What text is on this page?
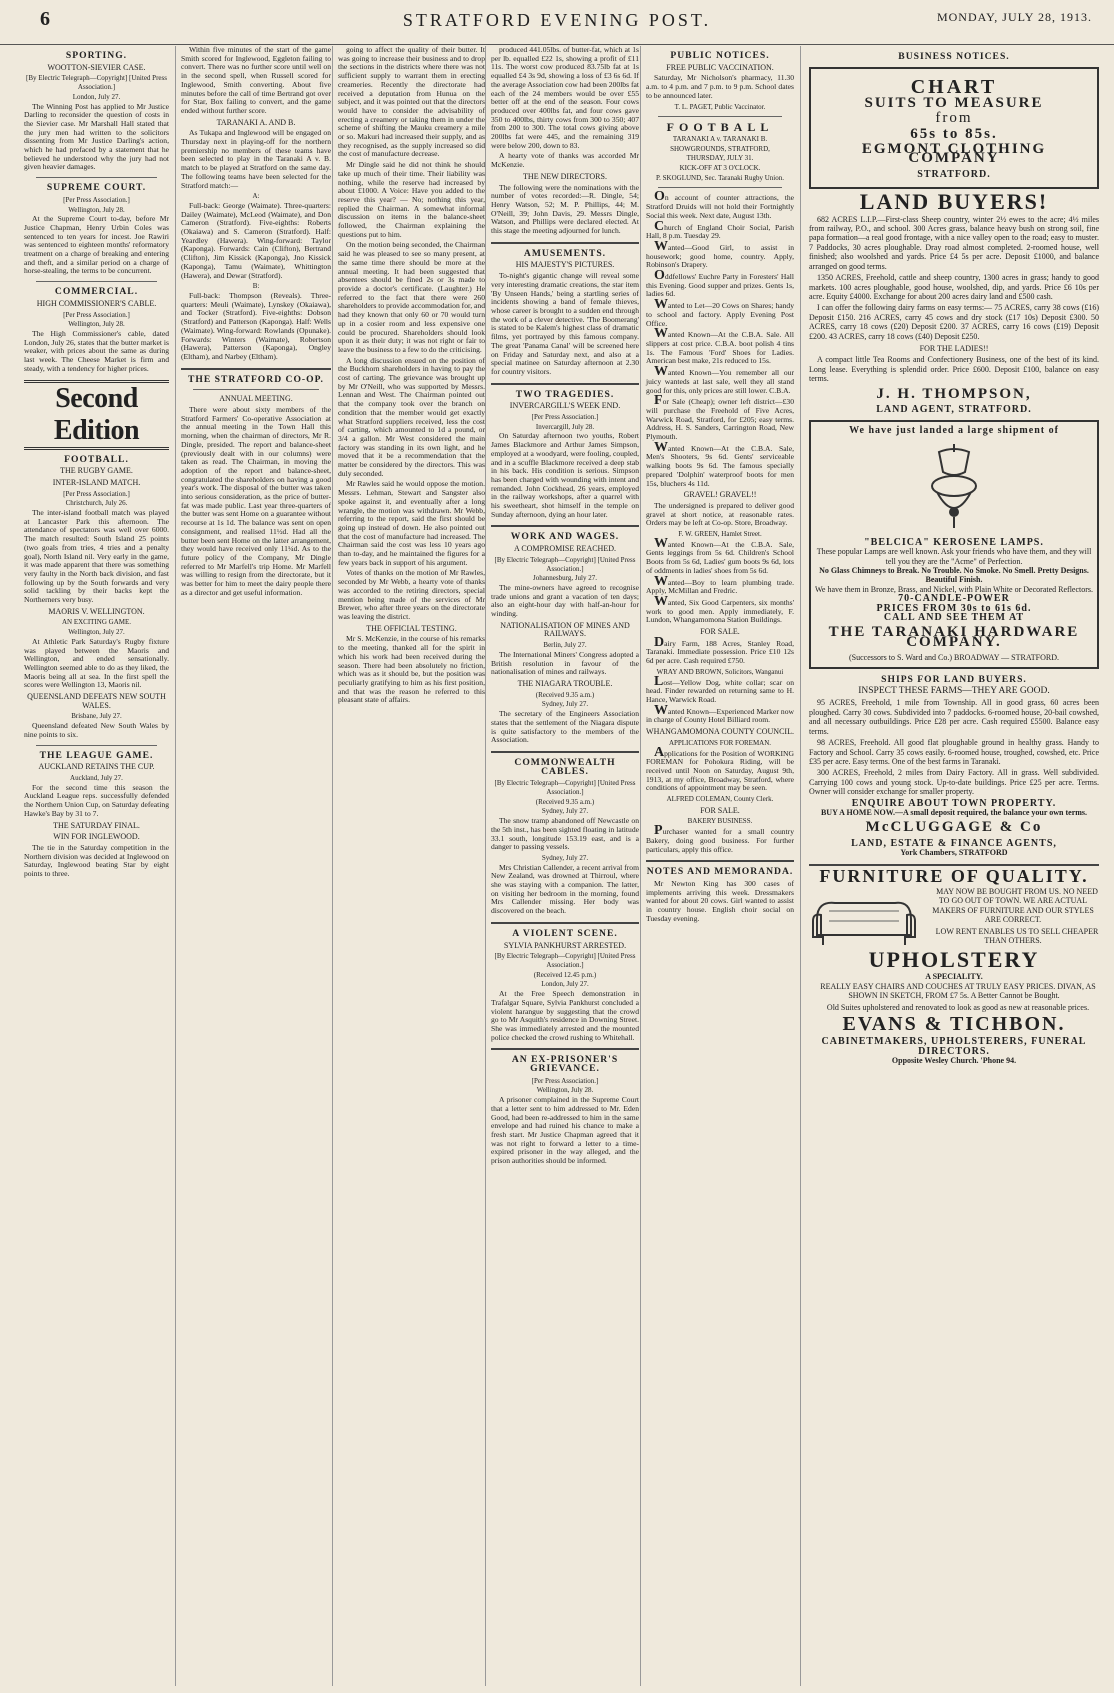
6	STRATFORD EVENING POST.	MONDAY, JULY 28, 1913.
SPORTING.
WOOTTON-SIEVIER CASE.
[By Electric Telegraph—Copyright] [United Press Association.]
London, July 27.

The Winning Post has applied to Mr Justice Darling to reconsider the question of costs in the Sievier case. Mr Marshall Hall stated that the jury men had written to the solicitors dissenting from Mr Justice Darling's action, which he had prefaced by a statement that he believed he understood why the jury had not given heavier damages.

SUPREME COURT.
[Per Press Association.]
Wellington, July 28.

At the Supreme Court to-day, before Mr Justice Chapman, Henry Urbin Coles was sentenced to ten years for incest. Joe Rawiri was sentenced to eighteen months' reformatory treatment on a charge of breaking and entering and theft, and a similar period on a charge of horse-stealing, the terms to be concurrent.

COMMERCIAL.
HIGH COMMISSIONER'S CABLE.
[Per Press Association.]
Wellington, July 28.

The High Commissioner's cable, dated London, July 26, states that the butter market is weaker, with prices about the same as during last week. The Cheese Market is firm and steady, with a tendency for higher prices.

Second Edition
FOOTBALL.
THE RUGBY GAME.
INTER-ISLAND MATCH.
[Per Press Association.]
Christchurch, July 26.

The inter-island football match was played at Lancaster Park this afternoon. The attendance of spectators was well over 6000. The match resulted: South Island 25 points (two goals from tries, 4 tries and a penalty goal), North Island nil. Very early in the game, it was made apparent that there was something very faulty in the North back division, and fast following up by the South forwards and very solid tackling by their backs kept the Northerners very busy.

MAORIS V. WELLINGTON.
AN EXCITING GAME.
Wellington, July 27.

At Athletic Park Saturday's Rugby fixture was played between the Maoris and Wellington, and ended sensationally. Wellington seemed able to do as they liked, the Maoris being all at sea. In the first spell the scores were Wellington 13, Maoris nil.

QUEENSLAND DEFEATS NEW SOUTH WALES.
Brisbane, July 27.

Queensland defeated New South Wales by nine points to six.

THE LEAGUE GAME.
AUCKLAND RETAINS THE CUP.
Auckland, July 27.

For the second time this season the Auckland League reps. successfully defended the Northern Union Cup, on Saturday defeating Hawke's Bay by 31 to 7.

THE SATURDAY FINAL.
WIN FOR INGLEWOOD.

The tie in the Saturday competition in the Northern division was decided at Inglewood on Saturday, Inglewood beating Star by eight points to three.

Within five minutes of the start of the game Smith scored for Inglewood, Eggleton failing to convert. There was no further score until well on in the second spell, when Russell scored for Inglewood, Smith converting. About five minutes before the call of time Bertrand got over for Star, Box failing to convert, and the game ended without further score.

TARANAKI A. AND B.

As Tukapa and Inglewood will be engaged on Thursday next in playing-off for the northern premiership no members of these teams have been selected to play in the Taranaki A v. B. match to be played at Stratford on the same day. The following teams have been selected for the Stratford match:—

A:

Full-back: George (Waimate). Three-quarters: Dailey (Waimate), McLeod (Waimate), and Don Cameron (Stratford). Five-eighths: Roberts (Okaiawa) and S. Cameron (Stratford). Half: Yeardley (Hawera). Wing-forward: Taylor (Kaponga). Forwards: Cain (Clifton), Bertrand (Clifton), Jim Kissick (Kaponga), Jno Kissick (Kaponga), Tamu (Waimate), Whittington (Hawera), and Dewar (Stratford).

B:

Full-back: Thompson (Reveals). Three-quarters: Meuli (Waimate), Lynskey (Okaiawa), and Tocker (Stratford). Five-eighths: Dobson (Stratford) and Patterson (Kaponga). Half: Wells (Waimate). Wing-forward: Rowlands (Opunake). Forwards: Winters (Waimate), Robertson (Hawera), Patterson (Kaponga), Ongley (Eltham), and Narbey (Eltham).

THE STRATFORD CO-OP.
ANNUAL MEETING.

There were about sixty members of the Stratford Farmers' Co-operative Association at the annual meeting in the Town Hall this morning, when the chairman of directors, Mr R. Dingle, presided. The report and balance-sheet (previously dealt with in our columns) were taken as read. The Chairman, in moving the adoption of the report and balance-sheet, congratulated the shareholders on having a good year's work. The disposal of the butter was taken into serious consideration, as the price of butter-fat was made public. Last year three-quarters of the butter was sent Home on a guarantee without recourse at 1s 1d. The balance was sent on open consignment, and realised 11½d. Had all the butter been sent Home on the latter arrangement, they would have received only 11¼d. As to the future policy of the Company, Mr Dingle referred to Mr Marfell's trip Home. Mr Marfell was willing to resign from the directorate, but it was better for him to meet the dairy people there as a director and get useful information.

going to affect the quality of their butter. It was going to increase their business and to drop the sections in the districts where there was not sufficient supply to warrant them in erecting creameries. Recently the directorate had received a deputation from Hunua on the subject, and it was pointed out that the directors would have to consider the advisability of erecting a creamery or taking them in under the scheme of shifting the Mauku creamery a mile or so. Makuri had increased their supply, and as they recognised, as the supply increased so did the cost of manufacture decrease.

Mr Dingle said he did not think he should take up much of their time. Their liability was nothing, while the reserve had increased by about £1000. A Voice: Have you added to the reserve this year? — No; nothing this year, replied the Chairman. A somewhat informal discussion on items in the balance-sheet followed, the Chairman explaining the questions put to him.

On the motion being seconded, the Chairman said he was pleased to see so many present, at the same time there should be more at the annual meeting. It had been suggested that absentees should be fined 2s or 3s made to provide a doctor's certificate. (Laughter.) He referred to the fact that there were 260 shareholders to provide accommodation for, and had they known that only 60 or 70 would turn up in a cosier room and less expensive one could be procured. Shareholders should look upon it as their duty; it was not right or fair to leave the business to a few to do the criticising.

A long discussion ensued on the position of the Buckhorn shareholders in having to pay the cost of carting. The grievance was brought up by Mr O'Neill, who was supported by Messrs. Lennan and West. The Chairman pointed out that the company took over the branch on condition that the member would get exactly what Stratford suppliers received, less the cost of carting, which amounted to 1d a pound, or 3/4 a gallon. Mr West considered the main factory was standing in its own light, and he moved that it be a recommendation that the matter be considered by the directors. This was duly seconded.

Mr Rawles said he would oppose the motion. Messrs. Lehman, Stewart and Sangster also spoke against it, and eventually after a long wrangle, the motion was withdrawn. Mr Webb, referring to the report, said the first should be going up instead of down. He also pointed out that the cost of manufacture had increased. The Chairman said the cost was less 10 years ago than to-day, and he maintained the figures for a few years back in support of his argument.

Votes of thanks on the motion of Mr Rawles, seconded by Mr Webb, a hearty vote of thanks was accorded to the retiring directors, special mention being made of the services of Mr Brewer, who after three years on the directorate was leaving the district.

THE OFFICIAL TESTING.

Mr S. McKenzie, in the course of his remarks to the meeting, thanked all for the spirit in which his work had been received during the season. There had been absolutely no friction, which was as it should be, but the position was peculiarly gratifying to him as his first position, and that was the reason he referred to this pleasant state of affairs.

produced 441.05lbs. of butter-fat, which at 1s per lb. equalled £22 1s, showing a profit of £11 11s. The worst cow produced 83.75lb fat at 1s equalled £4 3s 9d, showing a loss of £3 6s 6d. If the average Association cow had been 200lbs fat each of the 24 members would be over £55 better off at the end of the season. Four cows produced over 400lbs fat, and four cows gave 350 to 400lbs, thirty cows from 300 to 350; 407 from 200 to 300. The total cows giving above 200lbs fat were 445, and the remaining 319 were below 200, down to 83.

A hearty vote of thanks was accorded Mr McKenzie.

THE NEW DIRECTORS.

The following were the nominations with the number of votes recorded:—R. Dingle, 54; Henry Watson, 52; M. P. Phillips, 44; M. O'Neill, 39; John Davis, 29. Messrs Dingle, Watson, and Phillips were declared elected. At this stage the meeting adjourned for lunch.

AMUSEMENTS.
HIS MAJESTY'S PICTURES.

To-night's gigantic change will reveal some very interesting dramatic creations, the star item 'By Unseen Hands,' being a startling series of incidents showing a band of female thieves, whose career is brought to a sudden end through the work of a clever detective. 'The Boomerang' is stated to be Kalem's highest class of dramatic films, yet portrayed by this famous company. The great 'Panama Canal' will be screened here on Friday and Saturday next, and also at a special matinee on Saturday afternoon at 2.30 for country visitors.

TWO TRAGEDIES.
INVERCARGILL'S WEEK END.
[Per Press Association.]
Invercargill, July 28.

On Saturday afternoon two youths, Robert James Blackmore and Arthur James Simpson, employed at a woodyard, were fooling, coupled, and in a scuffle Blackmore received a deep stab in his back. His condition is serious. Simpson has been charged with wounding with intent and remanded. John Cockhead, 26 years, employed in the railway workshops, after a quarrel with his sweetheart, shot himself in the temple on Sunday afternoon, dying an hour later.

WORK AND WAGES.
A COMPROMISE REACHED.
[By Electric Telegraph—Copyright] [United Press Association.]
Johannesburg, July 27.

The mine-owners have agreed to recognise trade unions and grant a vacation of ten days; also an eight-hour day with half-an-hour for winding.

NATIONALISATION OF MINES AND RAILWAYS.
Berlin, July 27.

The International Miners' Congress adopted a British resolution in favour of the nationalisation of mines and railways.

THE NIAGARA TROUBLE.
(Received 9.35 a.m.)
Sydney, July 27.

The secretary of the Engineers Association states that the settlement of the Niagara dispute is quite satisfactory to the members of the Association.

COMMONWEALTH CABLES.
[By Electric Telegraph—Copyright] [United Press Association.]
(Received 9.35 a.m.)
Sydney, July 27.

The snow tramp abandoned off Newcastle on the 5th inst., has been sighted floating in latitude 33.1 south, longitude 153.19 east, and is a danger to passing vessels.

Sydney, July 27.

Mrs Christian Callender, a recent arrival from New Zealand, was drowned at Thirroul, where she was staying with a companion. The latter, on visiting her bedroom in the morning, found Mrs Callender missing. Her body was discovered on the beach.

A VIOLENT SCENE.
SYLVIA PANKHURST ARRESTED.
[By Electric Telegraph—Copyright] [United Press Association.]
(Received 12.45 p.m.)
London, July 27.

At the Free Speech demonstration in Trafalgar Square, Sylvia Pankhurst concluded a violent harangue by suggesting that the crowd go to Mr Asquith's residence in Downing Street. She was immediately arrested and the mounted police checked the crowd rushing to Whitehall.

AN EX-PRISONER'S GRIEVANCE.
[Per Press Association.]
Wellington, July 28.

A prisoner complained in the Supreme Court that a letter sent to him addressed to Mr. Eden Good, had been re-addressed to him in the same envelope and had ruined his chance to make a fresh start. Mr Justice Chapman agreed that it was not right to forward a letter to a time-expired prisoner in the way alleged, and the prison authorities should be informed.

PUBLIC NOTICES.
FREE PUBLIC VACCINATION.

Saturday, Mr Nicholson's pharmacy, 11.30 a.m. to 4 p.m. and 7 p.m. to 9 p.m. School dates to be announced later.

T. L. PAGET, Public Vaccinator.
FOOTBALL
TARANAKI A v. TARANAKI B.
SHOWGROUNDS, STRATFORD,
THURSDAY, JULY 31.
KICK-OFF AT 3 O'CLOCK.
P. SKOGLUND, Sec. Taranaki Rugby Union.

On account of counter attractions, the Stratford Druids will not hold their Fortnightly Social this week. Next date, August 13th.

Church of England Choir Social, Parish Hall, 8 p.m. Tuesday 29.

Wanted—Good Girl, to assist in housework; good home, country. Apply, Robinson's Drapery.

Oddfellows' Euchre Party in Foresters' Hall this Evening. Good supper and prizes. Gents 1s, ladies 6d.

Wanted to Let—20 Cows on Shares; handy to school and factory. Apply Evening Post Office.

Wanted Known—At the C.B.A. Sale. All slippers at cost price. C.B.A. boot polish 4 tins 1s. The Famous 'Ford' Shoes for Ladies. American best make, 21s reduced to 15s.

Wanted Known—You remember all our juicy wanteds at last sale, well they all stand good for this, only prices are still lower. C.B.A.

For Sale (Cheap); owner left district—£30 will purchase the Freehold of Five Acres, Warwick Road, Stratford, for £205; easy terms. Address, H. S. Sanders, Carrington Road, New Plymouth.

Wanted Known—At the C.B.A. Sale, Men's Shooters, 9s 6d. Gents' serviceable walking boots 9s 6d. The famous specially prepared 'Dolphin' waterproof boots for men 15s, bluchers 4s 11d.

GRAVEL! GRAVEL!!

The undersigned is prepared to deliver good gravel at short notice, at reasonable rates. Orders may be left at Co-op. Store, Broadway.

F. W. GREEN, Hamlet Street.

Wanted Known—At the C.B.A. Sale, Gents leggings from 5s 6d. Children's School Boots from 5s 6d, Ladies' gum boots 9s 6d, lots of oddments in ladies' shoes from 5s 6d.

Wanted—Boy to learn plumbing trade. Apply, McMillan and Fredric.

Wanted, Six Good Carpenters, six months' work to good men. Apply immediately, F. Lundon, Whangamomona Station Buildings.

FOR SALE.

Dairy Farm, 188 Acres, Stanley Road, Taranaki. Immediate possession. Price £10 12s 6d per acre. Cash required £750.

WRAY AND BROWN, Solicitors, Wanganui

Lost—Yellow Dog, white collar; scar on head. Finder rewarded on returning same to H. Hance, Warwick Road.

Wanted Known—Experienced Marker now in charge of County Hotel Billiard room.

WHANGAMOMONA COUNTY COUNCIL.
APPLICATIONS FOR FOREMAN.

Applications for the Position of WORKING FOREMAN for Pohokura Riding, will be received until Noon on Saturday, August 9th, 1913, at my office, Broadway, Stratford, where conditions of appointment may be seen.

ALFRED COLEMAN, County Clerk.
FOR SALE.
BAKERY BUSINESS.

Purchaser wanted for a small country Bakery, doing good business. For further particulars, apply this office.

NOTES AND MEMORANDA.

Mr Newton King has 300 cases of implements arriving this week. Dressmakers wanted for about 20 cows. Girl wanted to assist in country house. English choir social on Tuesday evening.

BUSINESS NOTICES.
CHART
SUITS TO MEASURE
from
65s to 85s.
EGMONT CLOTHING COMPANY
STRATFORD.
LAND BUYERS!

682 ACRES L.I.P.—First-class Sheep country, winter 2½ ewes to the acre; 4½ miles from railway, P.O., and school. 300 Acres grass, balance heavy bush on strong soil, fine papa formation—a real good frontage, with a nice valley open to the road; easy to muster. 7 Paddocks, 30 acres ploughable. Dray road almost completed. 2-roomed house, well finished; also woolshed and yards. Price £4 5s per acre. Deposit £1000, and balance arranged on good terms.

1350 ACRES, Freehold, cattle and sheep country, 1300 acres in grass; handy to good markets. 100 acres ploughable, good house, woolshed, dip, and yards. Price £6 10s per acre. Equity £4000. Exchange for about 200 acres dairy land and £500 cash.

I can offer the following dairy farms on easy terms:— 75 ACRES, carry 38 cows (£16) Deposit £150. 216 ACRES, carry 45 cows and dry stock (£17 10s) Deposit £300. 50 ACRES, carry 18 cows (£20) Deposit £200. 37 ACRES, carry 16 cows (£19) Deposit £200. 43 ACRES, carry 18 cows (£40) Deposit £250.

FOR THE LADIES!!

A compact little Tea Rooms and Confectionery Business, one of the best of its kind. Long lease. Everything is splendid order. Price £600. Deposit £100, balance on easy terms.

J. H. THOMPSON,
LAND AGENT, STRATFORD.
We have just landed a large shipment of
"BELCICA" KEROSENE LAMPS.
These popular Lamps are well known. Ask your friends who have them, and they will tell you they are the "Acme" of Perfection.
No Glass Chimneys to Break. No Trouble. No Smoke. No Smell. Pretty Designs. Beautiful Finish.
We have them in Bronze, Brass, and Nickel, with Plain White or Decorated Reflectors.
70-CANDLE-POWER
PRICES FROM 30s to 61s 6d.
CALL AND SEE THEM AT
THE TARANAKI HARDWARE COMPANY.
(Successors to S. Ward and Co.) BROADWAY — STRATFORD.
SHIPS FOR LAND BUYERS.
INSPECT THESE FARMS—THEY ARE GOOD.

95 ACRES, Freehold, 1 mile from Township. All in good grass, 60 acres been ploughed. Carry 30 cows. Subdivided into 7 paddocks. 6-roomed house, 20-bail cowshed, and all necessary outbuildings. Price £28 per acre. Cash required £5500. Balance easy terms.

98 ACRES, Freehold. All good flat ploughable ground in healthy grass. Handy to Factory and School. Carry 35 cows easily. 6-roomed house, troughed, cowshed, etc. Price £35 per acre. Easy terms. One of the best farms in Taranaki.

300 ACRES, Freehold, 2 miles from Dairy Factory. All in grass. Well subdivided. Carrying 100 cows and young stock. Up-to-date buildings. Price £25 per acre. Terms. Owner will consider exchange for smaller property.

ENQUIRE ABOUT TOWN PROPERTY.
BUY A HOME NOW.—A small deposit required, the balance your own terms.
McCLUGGAGE & Co
LAND, ESTATE & FINANCE AGENTS,
York Chambers, STRATFORD
FURNITURE OF QUALITY.

MAY NOW BE BOUGHT FROM US. NO NEED TO GO OUT OF TOWN. WE ARE ACTUAL MAKERS OF FURNITURE AND OUR STYLES ARE CORRECT.

LOW RENT ENABLES US TO SELL CHEAPER THAN OTHERS.

UPHOLSTERY
A SPECIALITY.

REALLY EASY CHAIRS AND COUCHES AT TRULY EASY PRICES. DIVAN, AS SHOWN IN SKETCH, FROM £7 5s. A Better Cannot be Bought.

Old Suites upholstered and renovated to look as good as new at reasonable prices.

EVANS & TICHBON.
CABINETMAKERS, UPHOLSTERERS, FUNERAL DIRECTORS.
Opposite Wesley Church. 'Phone 94.
